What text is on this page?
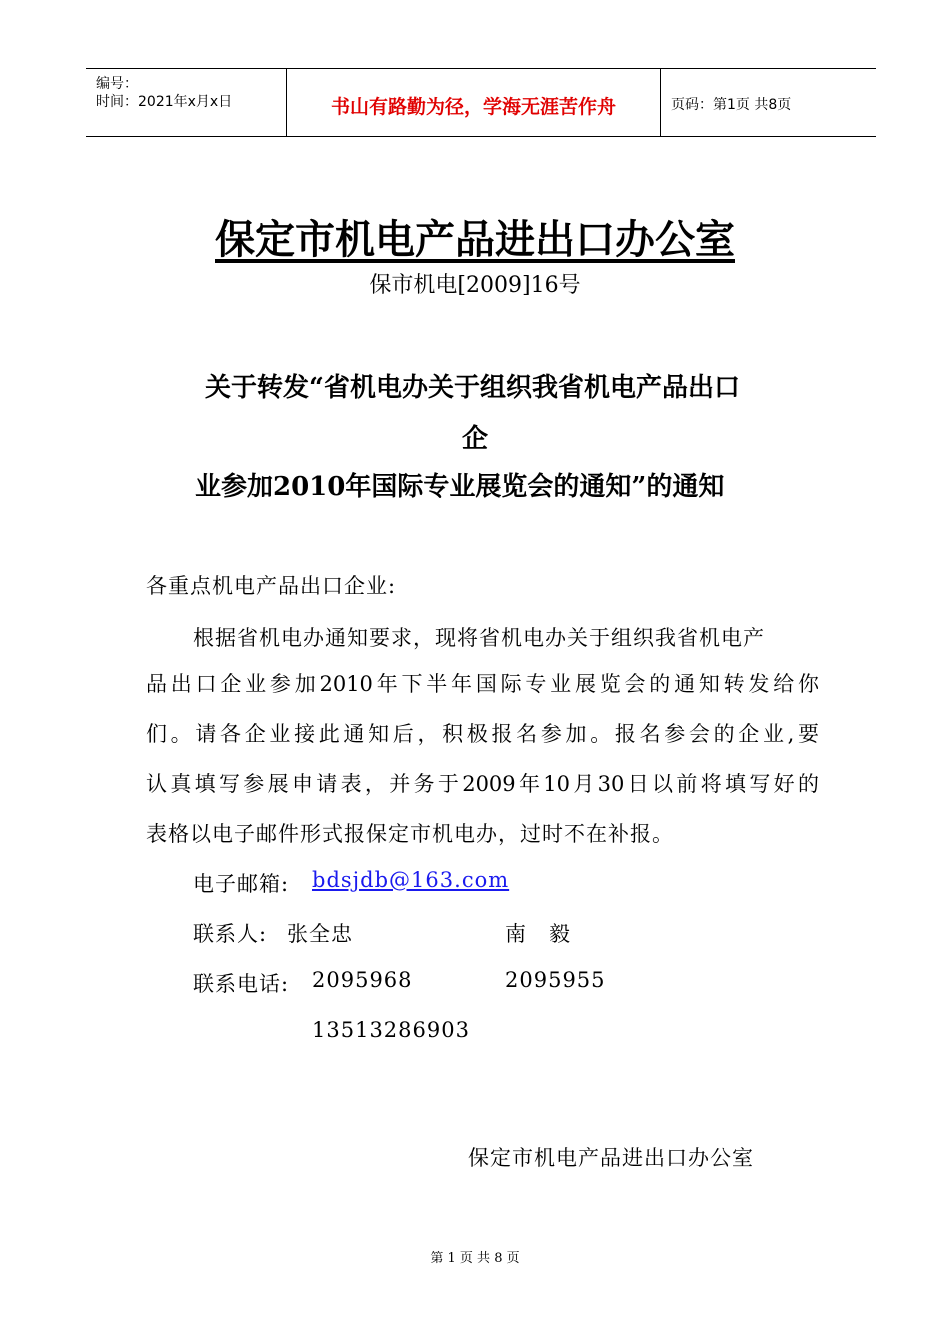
编号：
时间：2021年x月x日	书山有路勤为径，学海无涯苦作舟	页码：第1页 共8页
保定市机电产品进出口办公室
保市机电[2009]16号
关于转发“省机电办关于组织我省机电产品出口
企
业参加2010年国际专业展览会的通知”的通知
各重点机电产品出口企业:
根据省机电办通知要求，现将省机电办关于组织我省机电产
品出口企业参加2010年下半年国际专业展览会的通知转发给你
们。请各企业接此通知后，积极报名参加。报名参会的企业,要
认真填写参展申请表，并务于2009年10月30日以前将填写好的
表格以电子邮件形式报保定市机电办，过时不在补报。
电子邮箱: bdsjdb@163.com
联系人: 张全忠	南　毅
联系电话: 2095968	2095955
13513286903
保定市机电产品进出口办公室
第 1 页 共 8 页
